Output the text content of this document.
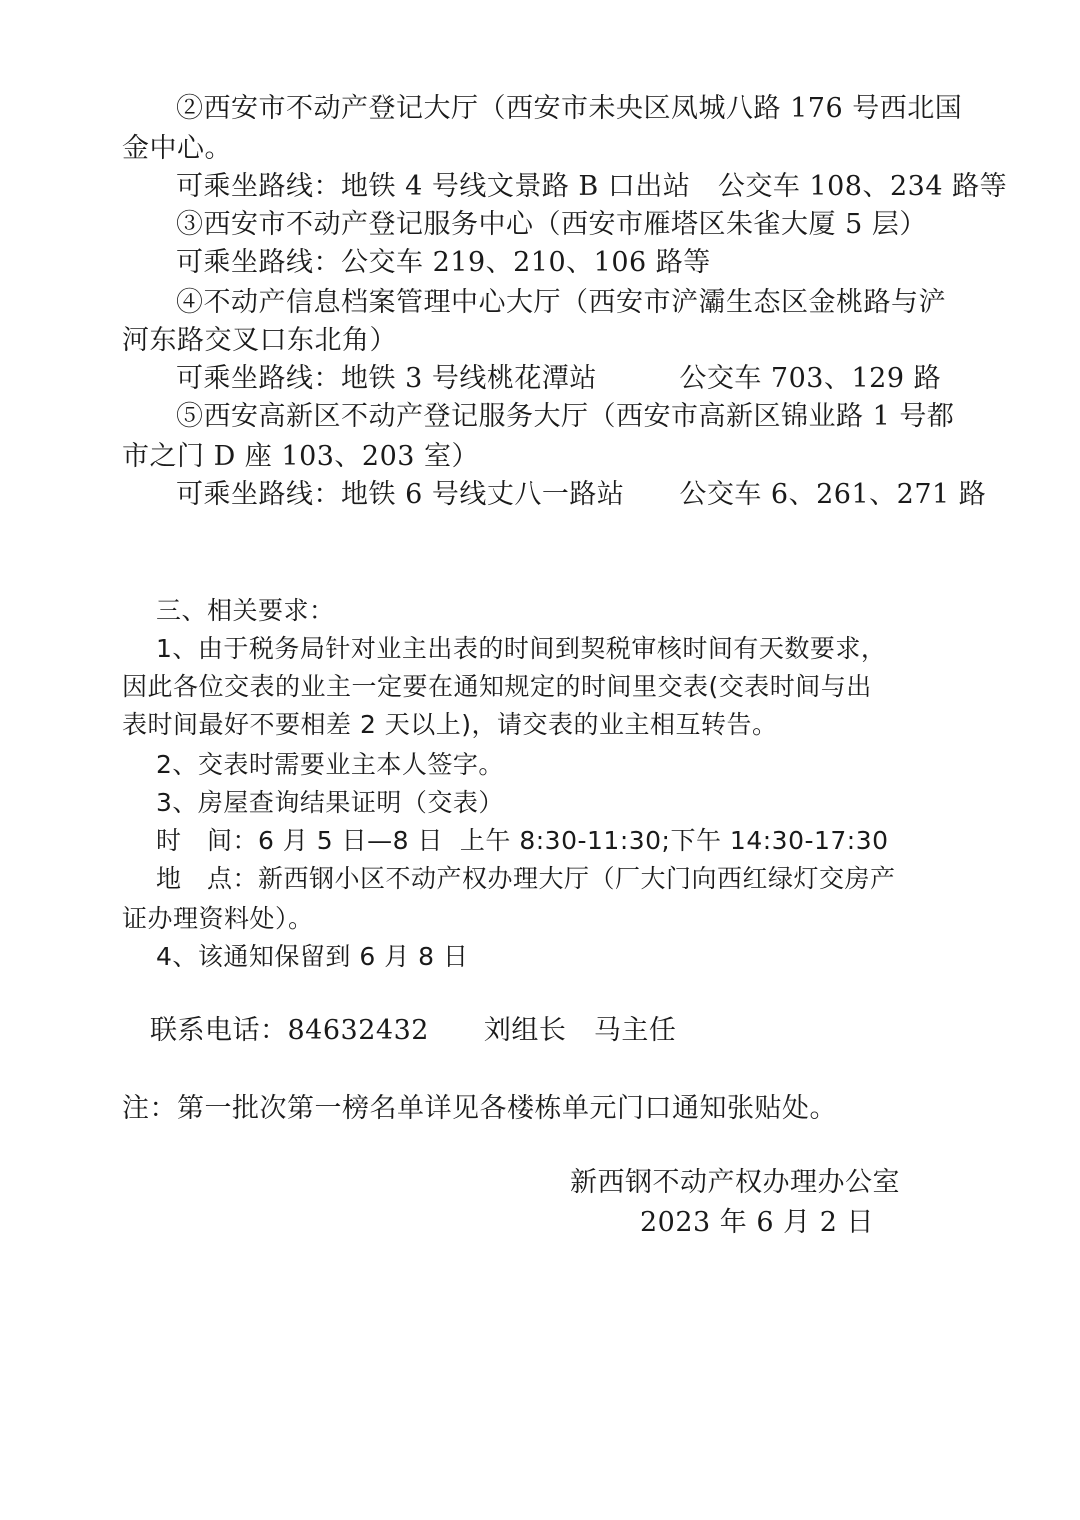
②西安市不动产登记大厅（西安市未央区凤城八路 176 号西北国
金中心。
可乘坐路线：地铁 4 号线文景路 B 口出站　公交车 108、234 路等
③西安市不动产登记服务中心（西安市雁塔区朱雀大厦 5 层）
可乘坐路线：公交车 219、210、106 路等
④不动产信息档案管理中心大厅（西安市浐灞生态区金桃路与浐
河东路交叉口东北角）
可乘坐路线：地铁 3 号线桃花潭站　　　公交车 703、129 路
⑤西安高新区不动产登记服务大厅（西安市高新区锦业路 1 号都
市之门 D 座 103、203 室）
可乘坐路线：地铁 6 号线丈八一路站　　公交车 6、261、271 路
三、相关要求：
1、由于税务局针对业主出表的时间到契税审核时间有天数要求，
因此各位交表的业主一定要在通知规定的时间里交表(交表时间与出
表时间最好不要相差 2 天以上)，请交表的业主相互转告。
2、交表时需要业主本人签字。
3、房屋查询结果证明（交表）
时　间：6 月 5 日—8 日  上午 8:30-11:30;下午 14:30-17:30
地　点：新西钢小区不动产权办理大厅（厂大门向西红绿灯交房产
证办理资料处）。
4、该通知保留到 6 月 8 日
联系电话：84632432　　刘组长　马主任
注：第一批次第一榜名单详见各楼栋单元门口通知张贴处。
新西钢不动产权办理办公室
2023 年 6 月 2 日
